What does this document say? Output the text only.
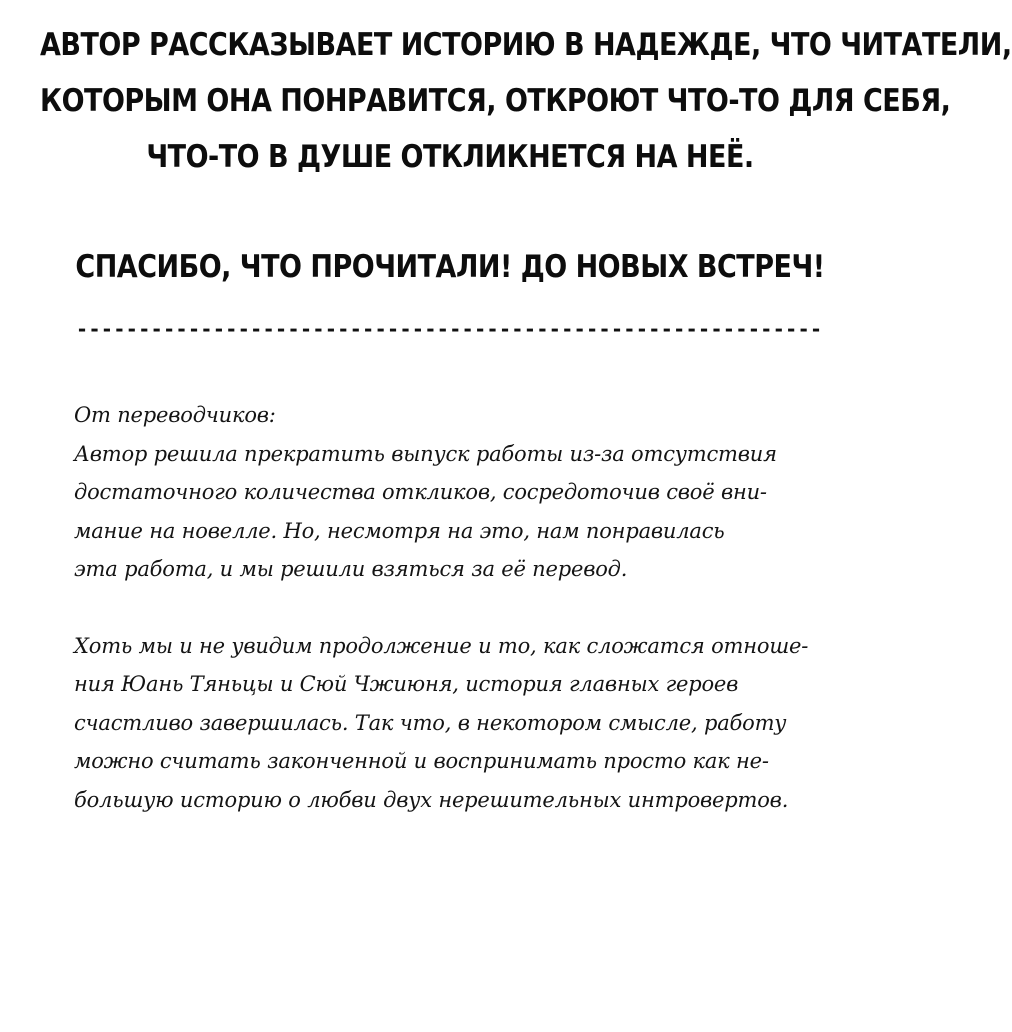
АВТОР РАССКАЗЫВАЕТ ИСТОРИЮ В НАДЕЖДЕ, ЧТО ЧИТАТЕЛИ,
КОТОРЫМ ОНА ПОНРАВИТСЯ, ОТКРОЮТ ЧТО-ТО ДЛЯ СЕБЯ,
ЧТО-ТО В ДУШЕ ОТКЛИКНЕТСЯ НА НЕЁ.
СПАСИБО, ЧТО ПРОЧИТАЛИ! ДО НОВЫХ ВСТРЕЧ!
------------------------------------------------------------
От переводчиков:
Автор решила прекратить выпуск работы из-за отсутствия
достаточного количества откликов, сосредоточив своё вни-
мание на новелле. Но, несмотря на это, нам понравилась
эта работа, и мы решили взяться за её перевод.
Хоть мы и не увидим продолжение и то, как сложатся отноше-
ния Юань Тяньцы и Сюй Чжиюня, история главных героев
счастливо завершилась. Так что, в некотором смысле, работу
можно считать законченной и воспринимать просто как не-
большую историю о любви двух нерешительных интровертов.
